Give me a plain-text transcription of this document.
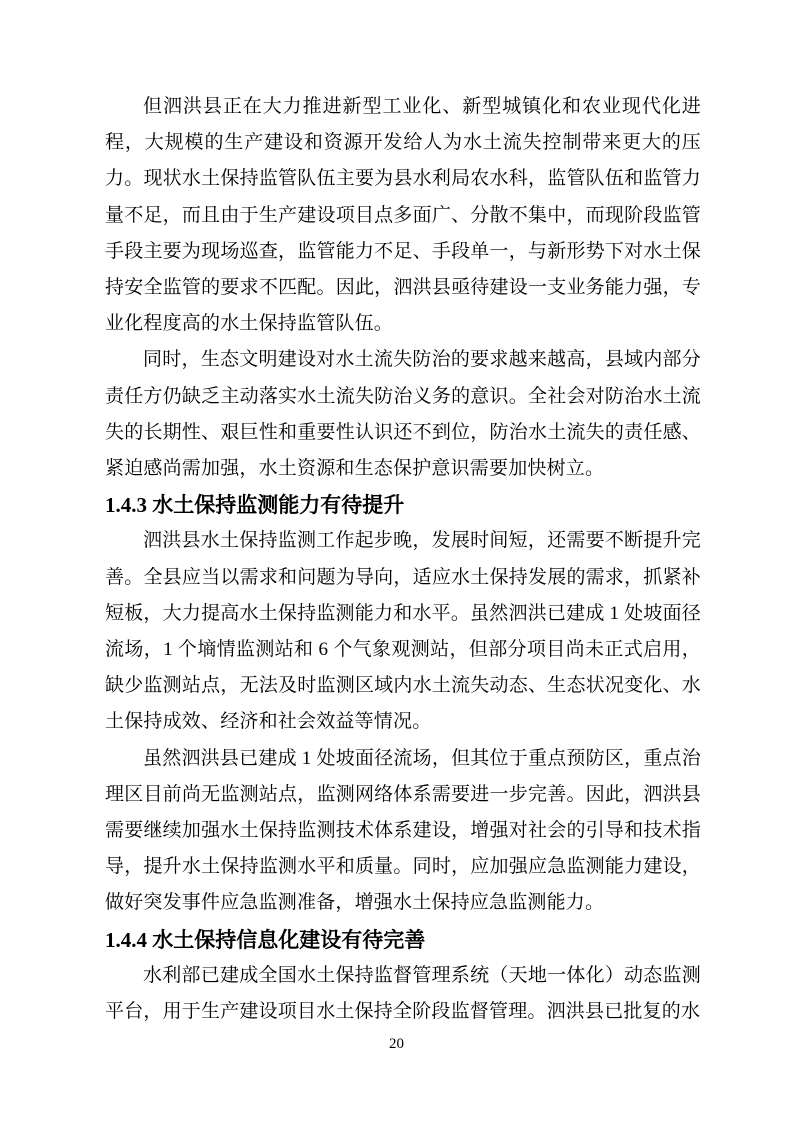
但泗洪县正在大力推进新型工业化、新型城镇化和农业现代化进程，大规模的生产建设和资源开发给人为水土流失控制带来更大的压力。现状水土保持监管队伍主要为县水利局农水科，监管队伍和监管力量不足，而且由于生产建设项目点多面广、分散不集中，而现阶段监管手段主要为现场巡查，监管能力不足、手段单一，与新形势下对水土保持安全监管的要求不匹配。因此，泗洪县亟待建设一支业务能力强，专业化程度高的水土保持监管队伍。

同时，生态文明建设对水土流失防治的要求越来越高，县域内部分责任方仍缺乏主动落实水土流失防治义务的意识。全社会对防治水土流失的长期性、艰巨性和重要性认识还不到位，防治水土流失的责任感、紧迫感尚需加强，水土资源和生态保护意识需要加快树立。

1.4.3 水土保持监测能力有待提升

泗洪县水土保持监测工作起步晚，发展时间短，还需要不断提升完善。全县应当以需求和问题为导向，适应水土保持发展的需求，抓紧补短板，大力提高水土保持监测能力和水平。虽然泗洪已建成 1 处坡面径流场，1 个墒情监测站和 6 个气象观测站，但部分项目尚未正式启用，缺少监测站点，无法及时监测区域内水土流失动态、生态状况变化、水土保持成效、经济和社会效益等情况。

虽然泗洪县已建成 1 处坡面径流场，但其位于重点预防区，重点治理区目前尚无监测站点，监测网络体系需要进一步完善。因此，泗洪县需要继续加强水土保持监测技术体系建设，增强对社会的引导和技术指导，提升水土保持监测水平和质量。同时，应加强应急监测能力建设，做好突发事件应急监测准备，增强水土保持应急监测能力。

1.4.4 水土保持信息化建设有待完善

水利部已建成全国水土保持监督管理系统（天地一体化）动态监测平台，用于生产建设项目水土保持全阶段监督管理。泗洪县已批复的水

20
